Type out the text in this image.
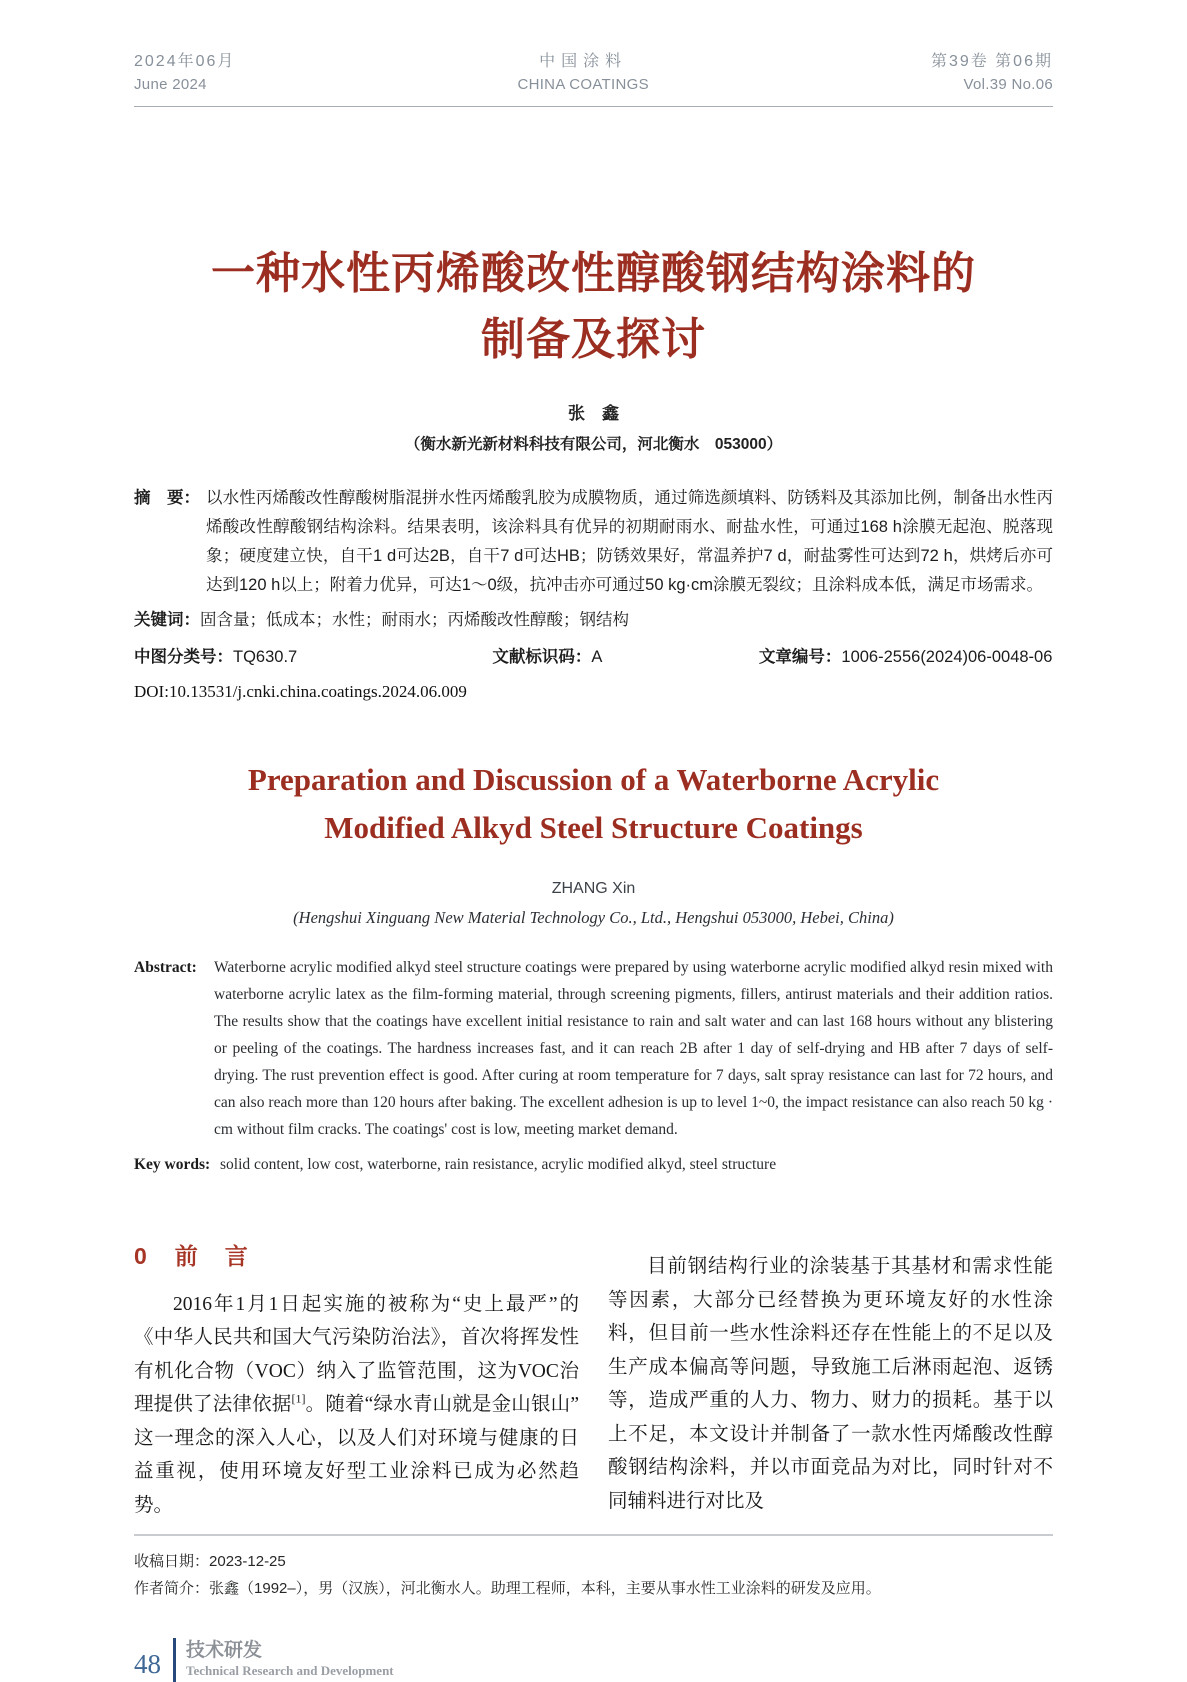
2024年06月
June 2024
中国涂料
CHINA COATINGS
第39卷 第06期
Vol.39 No.06
一种水性丙烯酸改性醇酸钢结构涂料的
制备及探讨
张　鑫
（衡水新光新材料科技有限公司，河北衡水　053000）
摘　要： 以水性丙烯酸改性醇酸树脂混拼水性丙烯酸乳胶为成膜物质，通过筛选颜填料、防锈料及其添加比例，制备出水性丙烯酸改性醇酸钢结构涂料。结果表明，该涂料具有优异的初期耐雨水、耐盐水性，可通过168 h涂膜无起泡、脱落现象；硬度建立快，自干1 d可达2B，自干7 d可达HB；防锈效果好，常温养护7 d，耐盐雾性可达到72 h，烘烤后亦可达到120 h以上；附着力优异，可达1～0级，抗冲击亦可通过50 kg·cm涂膜无裂纹；且涂料成本低，满足市场需求。
关键词：固含量；低成本；水性；耐雨水；丙烯酸改性醇酸；钢结构
中图分类号：TQ630.7	文献标识码：A	文章编号：1006-2556(2024)06-0048-06
DOI:10.13531/j.cnki.china.coatings.2024.06.009
Preparation and Discussion of a Waterborne Acrylic
Modified Alkyd Steel Structure Coatings
ZHANG Xin
(Hengshui Xinguang New Material Technology Co., Ltd., Hengshui 053000, Hebei, China)
Abstract:	Waterborne acrylic modified alkyd steel structure coatings were prepared by using waterborne acrylic modified alkyd resin mixed with waterborne acrylic latex as the film-forming material, through screening pigments, fillers, antirust materials and their addition ratios. The results show that the coatings have excellent initial resistance to rain and salt water and can last 168 hours without any blistering or peeling of the coatings. The hardness increases fast, and it can reach 2B after 1 day of self-drying and HB after 7 days of self-drying. The rust prevention effect is good. After curing at room temperature for 7 days, salt spray resistance can last for 72 hours, and can also reach more than 120 hours after baking. The excellent adhesion is up to level 1~0, the impact resistance can also reach 50 kg · cm without film cracks. The coatings' cost is low, meeting market demand.
Key words: solid content, low cost, waterborne, rain resistance, acrylic modified alkyd, steel structure
0 前　言

2016年1月1日起实施的被称为“史上最严”的《中华人民共和国大气污染防治法》，首次将挥发性有机化合物（VOC）纳入了监管范围，这为VOC治理提供了法律依据[1]。随着“绿水青山就是金山银山”这一理念的深入人心，以及人们对环境与健康的日益重视，使用环境友好型工业涂料已成为必然趋势。

目前钢结构行业的涂装基于其基材和需求性能等因素，大部分已经替换为更环境友好的水性涂料，但目前一些水性涂料还存在性能上的不足以及生产成本偏高等问题，导致施工后淋雨起泡、返锈等，造成严重的人力、物力、财力的损耗。基于以上不足，本文设计并制备了一款水性丙烯酸改性醇酸钢结构涂料，并以市面竞品为对比，同时针对不同辅料进行对比及

收稿日期：2023-12-25
作者简介：张鑫（1992–），男（汉族），河北衡水人。助理工程师，本科，主要从事水性工业涂料的研发及应用。
48	技术研发
Technical Research and Development
